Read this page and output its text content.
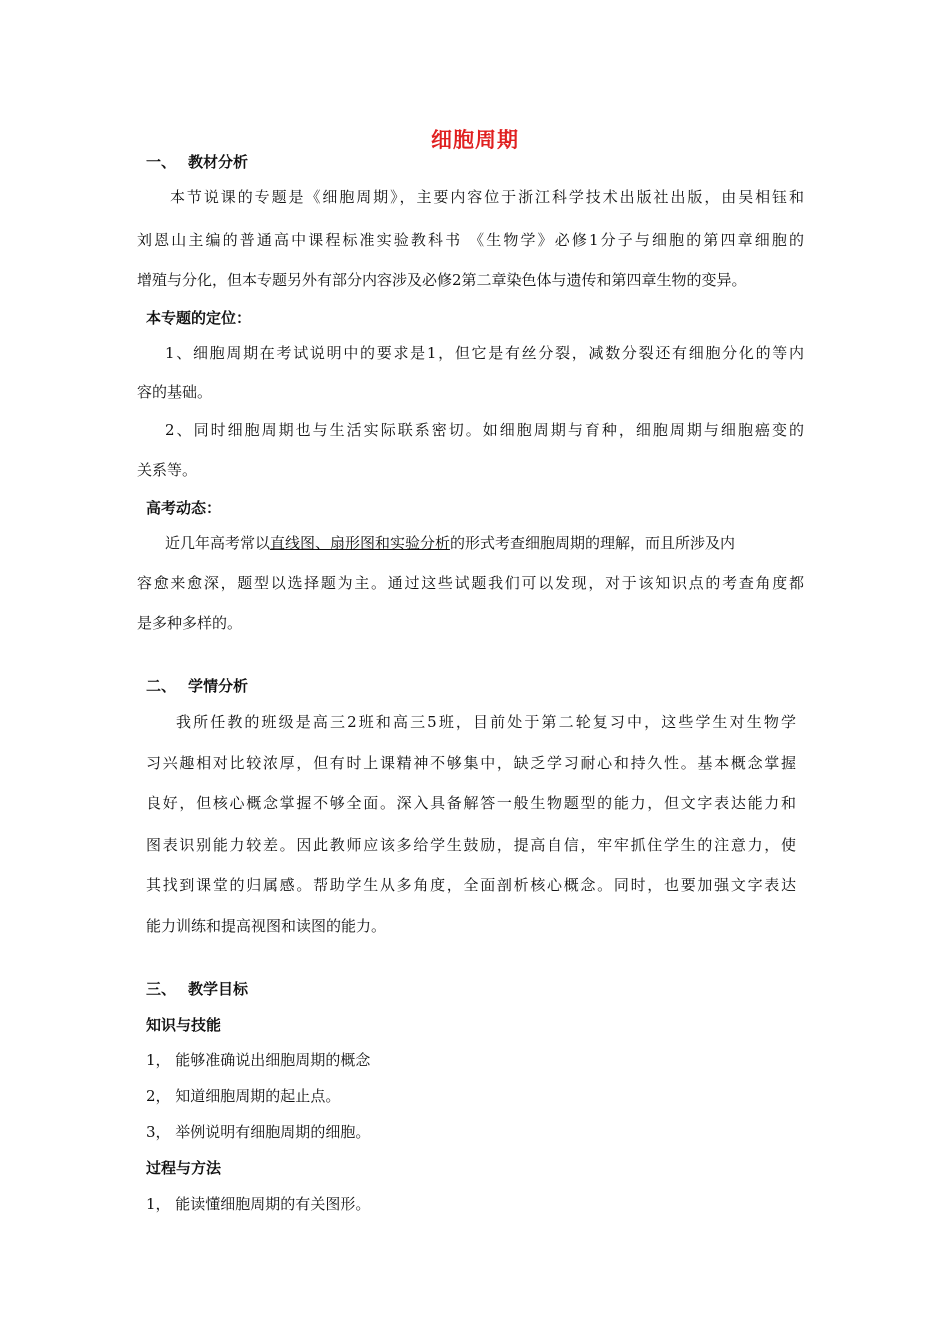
细胞周期
一、 教材分析
本节说课的专题是《细胞周期》，主要内容位于浙江科学技术出版社出版，由吴相钰和
刘恩山主编的普通高中课程标准实验教科书 《生物学》必修1分子与细胞的第四章细胞的
增殖与分化，但本专题另外有部分内容涉及必修2第二章染色体与遗传和第四章生物的变异。
本专题的定位：
1、细胞周期在考试说明中的要求是1，但它是有丝分裂，减数分裂还有细胞分化的等内
容的基础。
2、同时细胞周期也与生活实际联系密切。如细胞周期与育种，细胞周期与细胞癌变的
关系等。
高考动态：
近几年高考常以直线图、扇形图和实验分析的形式考查细胞周期的理解，而且所涉及内
容愈来愈深，题型以选择题为主。通过这些试题我们可以发现，对于该知识点的考查角度都
是多种多样的。
二、 学情分析
我所任教的班级是高三2班和高三5班，目前处于第二轮复习中，这些学生对生物学
习兴趣相对比较浓厚，但有时上课精神不够集中，缺乏学习耐心和持久性。基本概念掌握
良好，但核心概念掌握不够全面。深入具备解答一般生物题型的能力，但文字表达能力和
图表识别能力较差。因此教师应该多给学生鼓励，提高自信，牢牢抓住学生的注意力，使
其找到课堂的归属感。帮助学生从多角度，全面剖析核心概念。同时，也要加强文字表达
能力训练和提高视图和读图的能力。
三、 教学目标
知识与技能
1， 能够准确说出细胞周期的概念
2， 知道细胞周期的起止点。
3， 举例说明有细胞周期的细胞。
过程与方法
1， 能读懂细胞周期的有关图形。
